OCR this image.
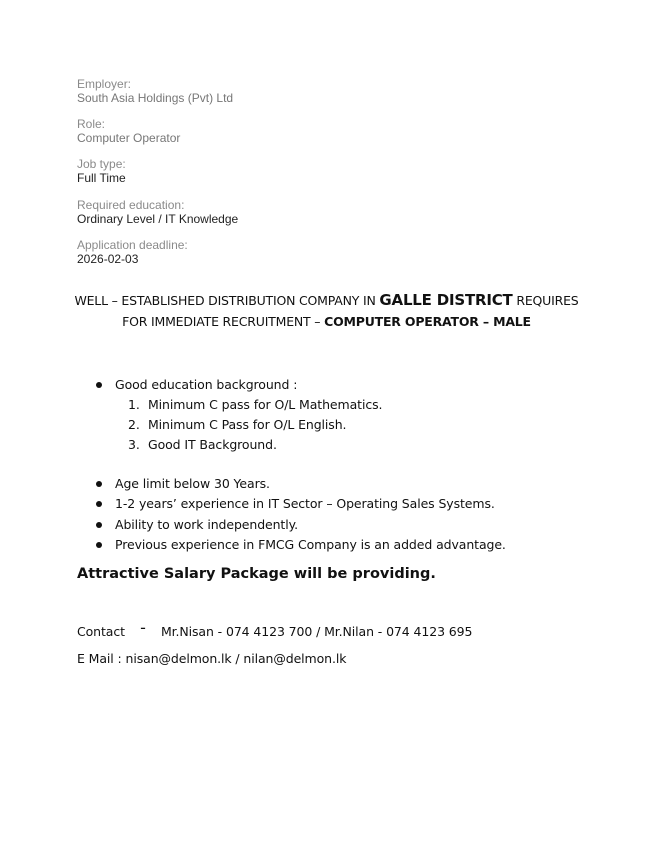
Employer:
South Asia Holdings (Pvt) Ltd
Role:
Computer Operator
Job type:
Full Time
Required education:
Ordinary Level / IT Knowledge
Application deadline:
2026-02-03
WELL – ESTABLISHED DISTRIBUTION COMPANY IN GALLE DISTRICT REQUIRES
FOR IMMEDIATE RECRUITMENT – COMPUTER OPERATOR – MALE
Good education background :
1. Minimum C pass for O/L Mathematics.
2. Minimum C Pass for O/L English.
3. Good IT Background.
Age limit below 30 Years.
1-2 years’ experience in IT Sector – Operating Sales Systems.
Ability to work independently.
Previous experience in FMCG Company is an added advantage.
Attractive Salary Package will be providing.
Contact - Mr.Nisan - 074 4123 700 / Mr.Nilan - 074 4123 695
E Mail : nisan@delmon.lk / nilan@delmon.lk
